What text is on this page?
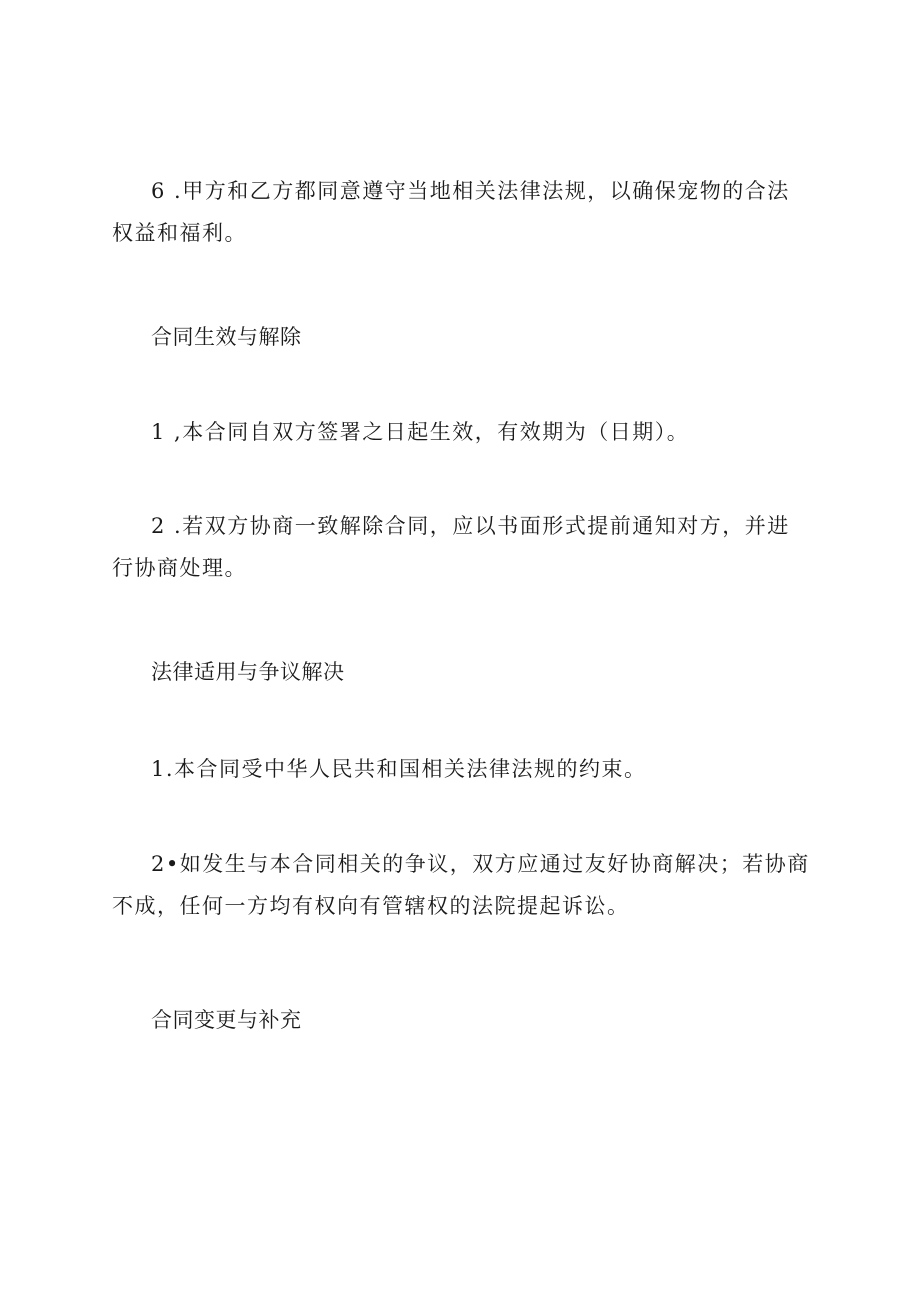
6 .甲方和乙方都同意遵守当地相关法律法规，以确保宠物的合法权益和福利。

合同生效与解除

1 ,本合同自双方签署之日起生效，有效期为（日期）。

2 .若双方协商一致解除合同，应以书面形式提前通知对方，并进行协商处理。

法律适用与争议解决

1.本合同受中华人民共和国相关法律法规的约束。

2•如发生与本合同相关的争议，双方应通过友好协商解决；若协商不成，任何一方均有权向有管辖权的法院提起诉讼。

合同变更与补充
